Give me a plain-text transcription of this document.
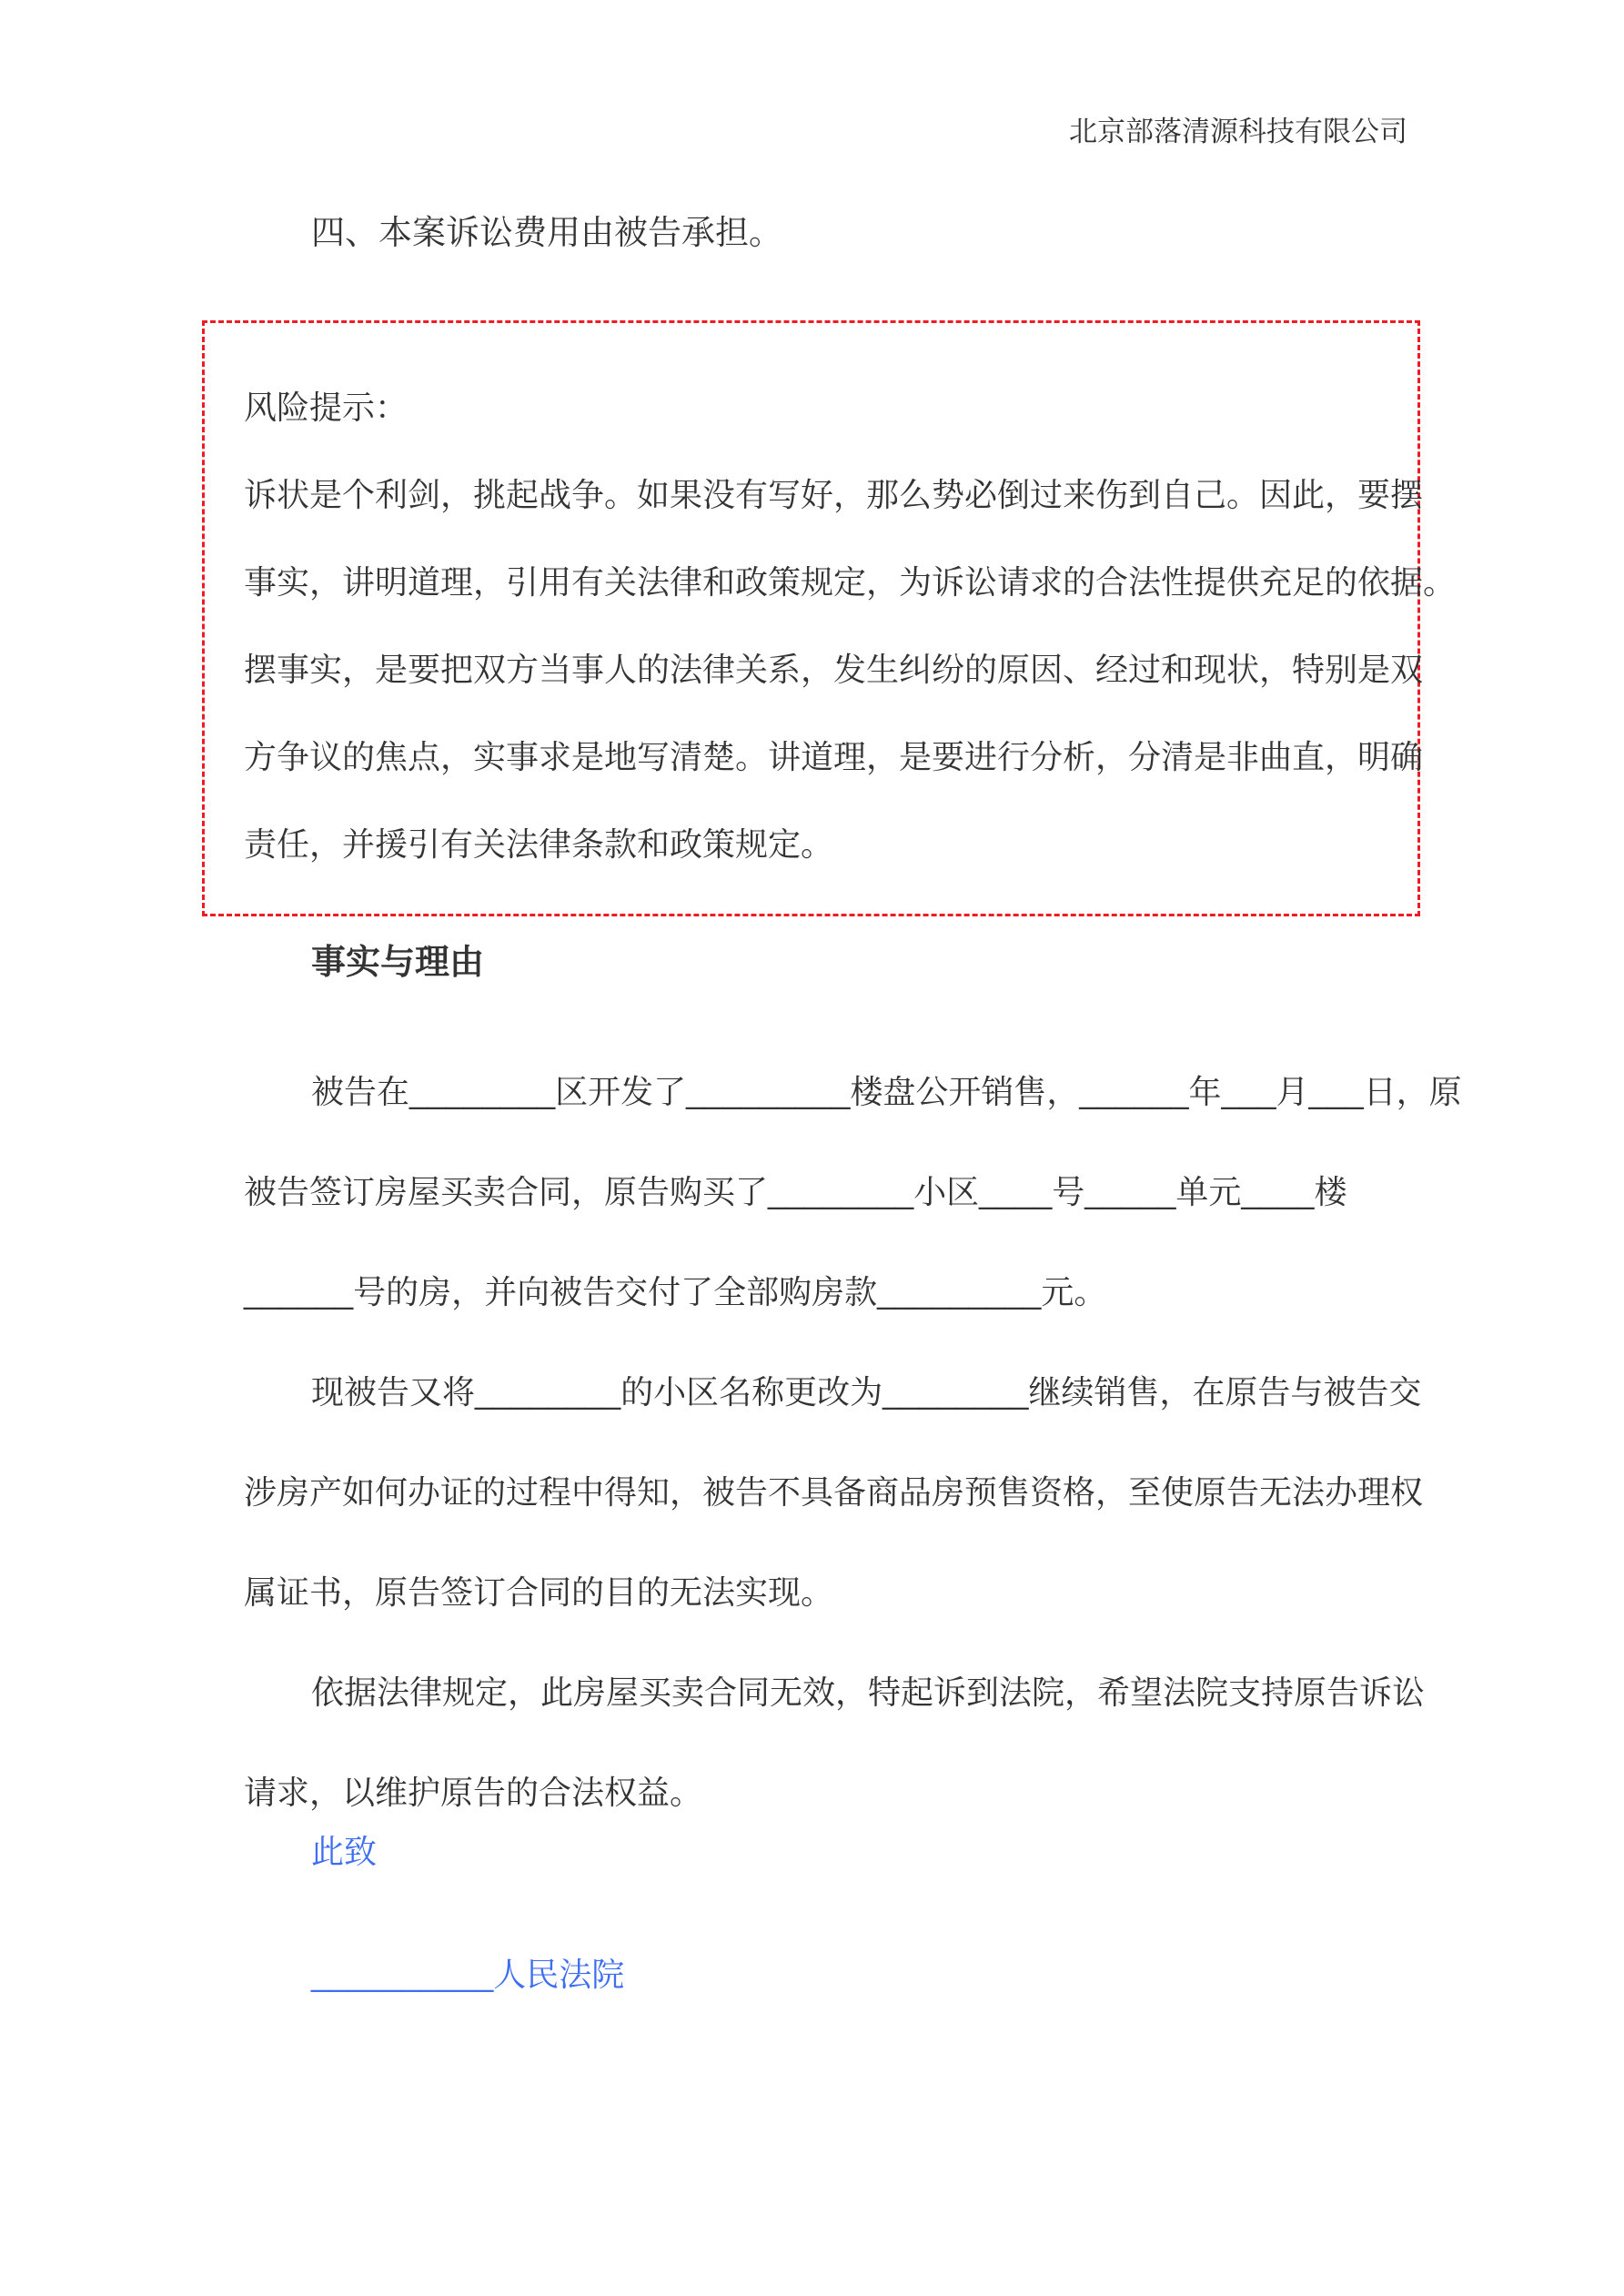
北京部落清源科技有限公司
四、本案诉讼费用由被告承担。
风险提示：
诉状是个利剑，挑起战争。如果没有写好，那么势必倒过来伤到自己。因此，要摆
事实，讲明道理，引用有关法律和政策规定，为诉讼请求的合法性提供充足的依据。
摆事实，是要把双方当事人的法律关系，发生纠纷的原因、经过和现状，特别是双
方争议的焦点，实事求是地写清楚。讲道理，是要进行分析，分清是非曲直，明确
责任，并援引有关法律条款和政策规定。
事实与理由
被告在________区开发了_________楼盘公开销售，______年___月___日，原
被告签订房屋买卖合同，原告购买了________小区____号_____单元____楼
______号的房，并向被告交付了全部购房款_________元。
现被告又将________的小区名称更改为________继续销售，在原告与被告交
涉房产如何办证的过程中得知，被告不具备商品房预售资格，至使原告无法办理权
属证书，原告签订合同的目的无法实现。
依据法律规定，此房屋买卖合同无效，特起诉到法院，希望法院支持原告诉讼
请求，以维护原告的合法权益。
此致
__________人民法院
